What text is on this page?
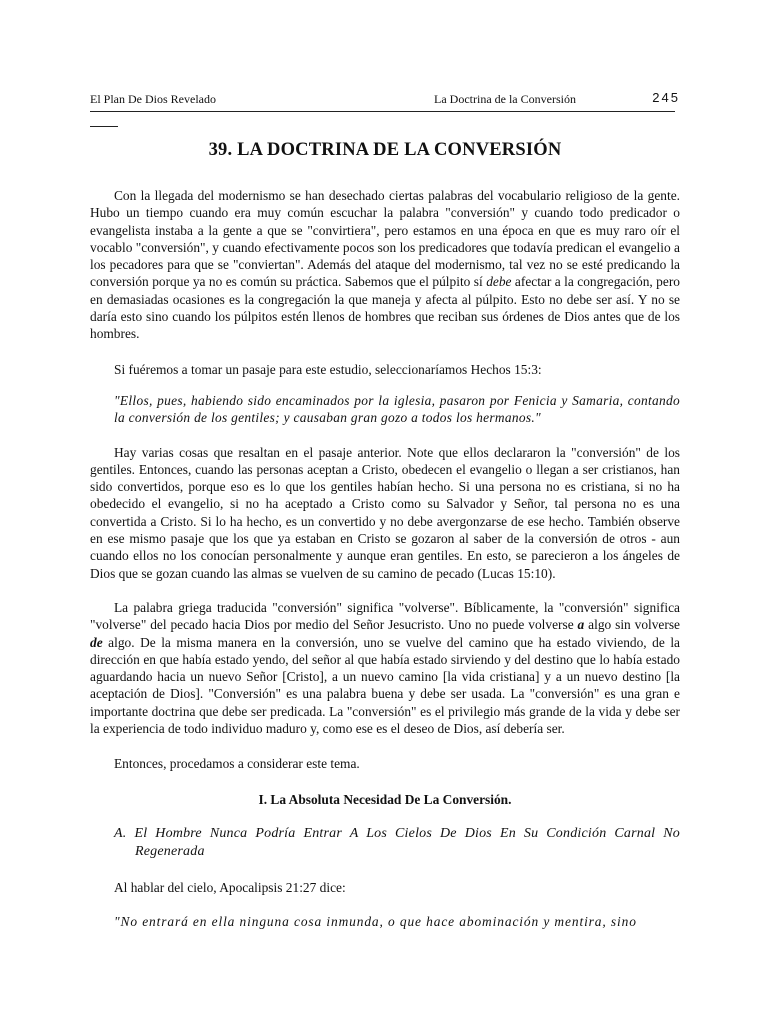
El Plan De Dios Revelado	La Doctrina de la Conversión	245
39. LA DOCTRINA DE LA CONVERSIÓN

Con la llegada del modernismo se han desechado ciertas palabras del vocabulario religioso de la gente. Hubo un tiempo cuando era muy común escuchar la palabra "conversión" y cuando todo predicador o evangelista instaba a la gente a que se "convirtiera", pero estamos en una época en que es muy raro oír el vocablo "conversión", y cuando efectivamente pocos son los predicadores que todavía predican el evangelio a los pecadores para que se "conviertan". Además del ataque del modernismo, tal vez no se esté predicando la conversión porque ya no es común su práctica. Sabemos que el púlpito sí debe afectar a la congregación, pero en demasiadas ocasiones es la congregación la que maneja y afecta al púlpito. Esto no debe ser así. Y no se daría esto sino cuando los púlpitos estén llenos de hombres que reciban sus órdenes de Dios antes que de los hombres.

Si fuéremos a tomar un pasaje para este estudio, seleccionaríamos Hechos 15:3:

"Ellos, pues, habiendo sido encaminados por la iglesia, pasaron por Fenicia y Samaria, contando la conversión de los gentiles; y causaban gran gozo a todos los hermanos."

Hay varias cosas que resaltan en el pasaje anterior. Note que ellos declararon la "conversión" de los gentiles. Entonces, cuando las personas aceptan a Cristo, obedecen el evangelio o llegan a ser cristianos, han sido convertidos, porque eso es lo que los gentiles habían hecho. Si una persona no es cristiana, si no ha obedecido el evangelio, si no ha aceptado a Cristo como su Salvador y Señor, tal persona no es una convertida a Cristo. Si lo ha hecho, es un convertido y no debe avergonzarse de ese hecho. También observe en ese mismo pasaje que los que ya estaban en Cristo se gozaron al saber de la conversión de otros - aun cuando ellos no los conocían personalmente y aunque eran gentiles. En esto, se parecieron a los ángeles de Dios que se gozan cuando las almas se vuelven de su camino de pecado (Lucas 15:10).

La palabra griega traducida "conversión" significa "volverse". Bíblicamente, la "conversión" significa "volverse" del pecado hacia Dios por medio del Señor Jesucristo. Uno no puede volverse a algo sin volverse de algo. De la misma manera en la conversión, uno se vuelve del camino que ha estado viviendo, de la dirección en que había estado yendo, del señor al que había estado sirviendo y del destino que lo había estado aguardando hacia un nuevo Señor [Cristo], a un nuevo camino [la vida cristiana] y a un nuevo destino [la aceptación de Dios]. "Conversión" es una palabra buena y debe ser usada. La "conversión" es una gran e importante doctrina que debe ser predicada. La "conversión" es el privilegio más grande de la vida y debe ser la experiencia de todo individuo maduro y, como ese es el deseo de Dios, así debería ser.

Entonces, procedamos a considerar este tema.

I. La Absoluta Necesidad De La Conversión.

A. El Hombre Nunca Podría Entrar A Los Cielos De Dios En Su Condición Carnal No Regenerada

Al hablar del cielo, Apocalipsis 21:27 dice:

"No entrará en ella ninguna cosa inmunda, o que hace abominación y mentira, sino
